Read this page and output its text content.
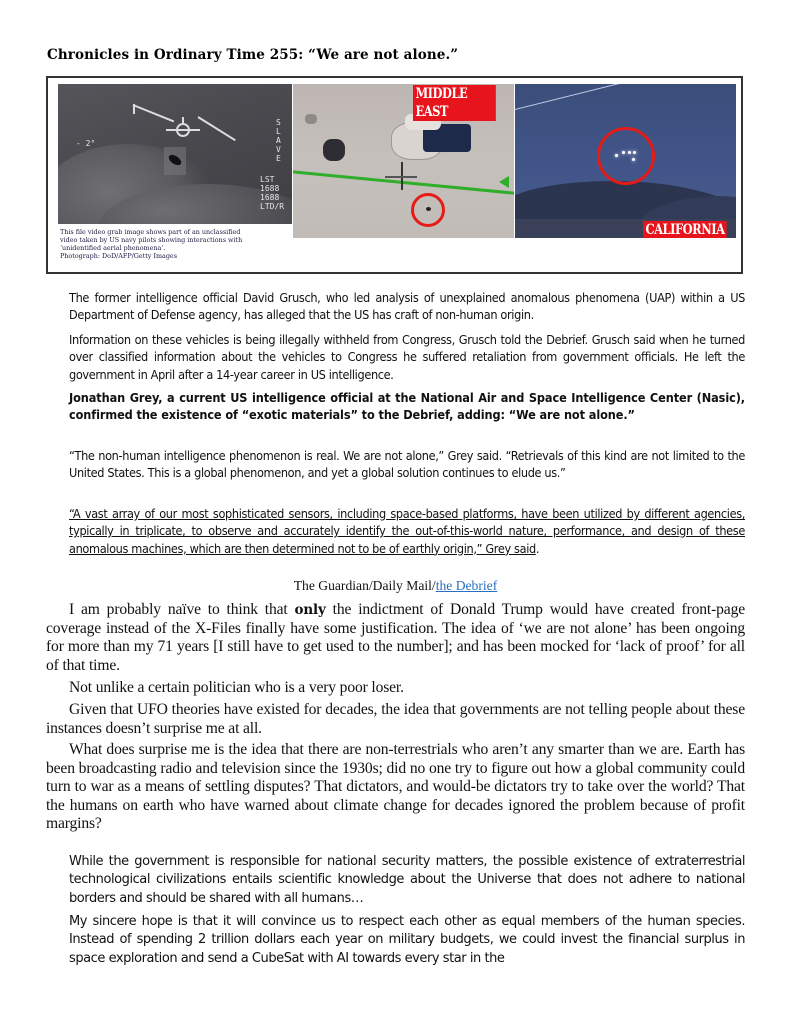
Chronicles in Ordinary Time 255: “We are not alone.”
- 2°
S L A V E
LST
1688
1688
LTD/R
This file video grab image shows part of an unclassified
video taken by US navy pilots showing interactions with
‘unidentified aerial phenomena’.
Photograph: DoD/AFP/Getty Images
MIDDLE EAST
CALIFORNIA
The former intelligence official David Grusch, who led analysis of unexplained anomalous phenomena (UAP) within a US Department of Defense agency, has alleged that the US has craft of non-human origin.
Information on these vehicles is being illegally withheld from Congress, Grusch told the Debrief. Grusch said when he turned over classified information about the vehicles to Congress he suffered retaliation from government officials. He left the government in April after a 14-year career in US intelligence.
Jonathan Grey, a current US intelligence official at the National Air and Space Intelligence Center (Nasic), confirmed the existence of “exotic materials” to the Debrief, adding: “We are not alone.”
“The non-human intelligence phenomenon is real. We are not alone,” Grey said. “Retrievals of this kind are not limited to the United States. This is a global phenomenon, and yet a global solution continues to elude us.”
“A vast array of our most sophisticated sensors, including space-based platforms, have been utilized by different agencies, typically in triplicate, to observe and accurately identify the out-of-this-world nature, performance, and design of these anomalous machines, which are then determined not to be of earthly origin,” Grey said.
The Guardian/Daily Mail/the Debrief
I am probably naïve to think that only the indictment of Donald Trump would have created front-page coverage instead of the X-Files finally have some justification. The idea of ‘we are not alone’ has been ongoing for more than my 71 years [I still have to get used to the number]; and has been mocked for ‘lack of proof’ for all of that time.
Not unlike a certain politician who is a very poor loser.
Given that UFO theories have existed for decades, the idea that governments are not telling people about these instances doesn’t surprise me at all.
What does surprise me is the idea that there are non-terrestrials who aren’t any smarter than we are. Earth has been broadcasting radio and television since the 1930s; did no one try to figure out how a global community could turn to war as a means of settling disputes? That dictators, and would-be dictators try to take over the world? That the humans on earth who have warned about climate change for decades ignored the problem because of profit margins?
While the government is responsible for national security matters, the possible existence of extraterrestrial technological civilizations entails scientific knowledge about the Universe that does not adhere to national borders and should be shared with all humans…
My sincere hope is that it will convince us to respect each other as equal members of the human species. Instead of spending 2 trillion dollars each year on military budgets, we could invest the financial surplus in space exploration and send a CubeSat with AI towards every star in the
